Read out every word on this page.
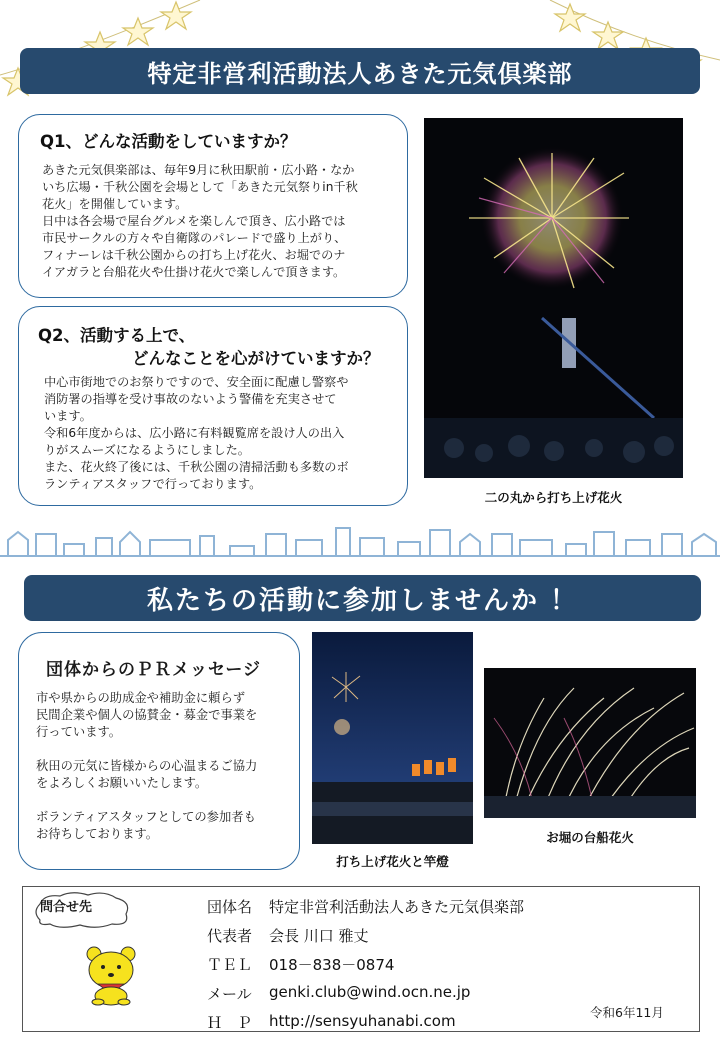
特定非営利活動法人あきた元気倶楽部
Q1、どんな活動をしていますか？

あきた元気倶楽部は、毎年9月に秋田駅前・広小路・なか

いち広場・千秋公園を会場として「あきた元気祭りin千秋

花火」を開催しています。

日中は各会場で屋台グルメを楽しんで頂き、広小路では

市民サークルの方々や自衛隊のパレードで盛り上がり、

フィナーレは千秋公園からの打ち上げ花火、お堀でのナ

イアガラと台船花火や仕掛け花火で楽しんで頂きます。

Q2、活動する上で、
どんなことを心がけていますか？

中心市街地でのお祭りですので、安全面に配慮し警察や

消防署の指導を受け事故のないよう警備を充実させて

います。

令和6年度からは、広小路に有料観覧席を設け人の出入

りがスムーズになるようにしました。

また、花火終了後には、千秋公園の清掃活動も多数のボ

ランティアスタッフで行っております。

二の丸から打ち上げ花火
私たちの活動に参加しませんか ！
団体からのＰＲメッセージ

市や県からの助成金や補助金に頼らず

民間企業や個人の協賛金・募金で事業を

行っています。

秋田の元気に皆様からの心温まるご協力

をよろしくお願いいたします。

ボランティアスタッフとしての参加者も

お待ちしております。

打ち上げ花火と竿燈
お堀の台船花火
問合せ先	団体名	特定非営利活動法人あきた元気倶楽部
代表者	会長 川口 雅丈
ＴＥＬ	018－838－0874
メール	genki.club@wind.ocn.ne.jp
Ｈ　Ｐ	http://sensyuhanabi.com	令和6年11月
